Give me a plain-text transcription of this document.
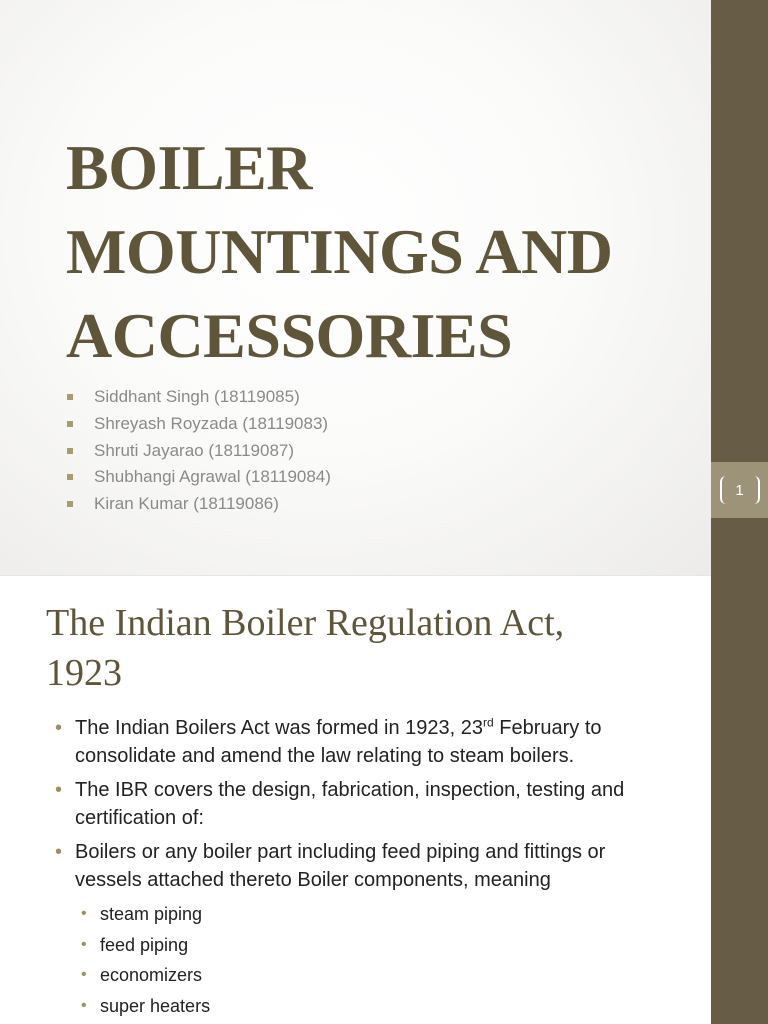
BOILER
MOUNTINGS AND
ACCESSORIES
Siddhant Singh (18119085)
Shreyash Royzada (18119083)
Shruti Jayarao (18119087)
Shubhangi Agrawal (18119084)
Kiran Kumar (18119086)
1
The Indian Boiler Regulation Act,
1923
• The Indian Boilers Act was formed in 1923, 23rd February to
consolidate and amend the law relating to steam boilers.
• The IBR covers the design, fabrication, inspection, testing and
certification of:
• Boilers or any boiler part including feed piping and fittings or
vessels attached thereto Boiler components, meaning
• steam piping
• feed piping
• economizers
• super heaters
